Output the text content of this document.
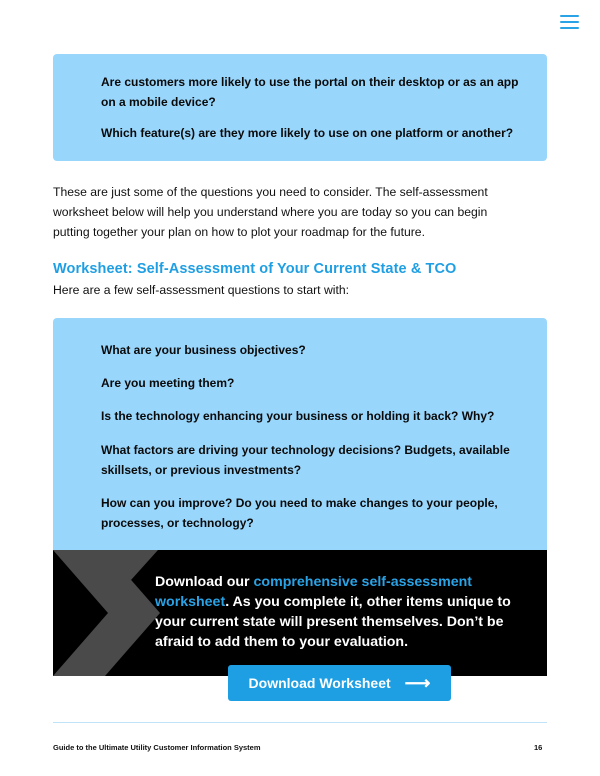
Are customers more likely to use the portal on their desktop or as an app on a mobile device?
Which feature(s) are they more likely to use on one platform or another?
These are just some of the questions you need to consider. The self-assessment worksheet below will help you understand where you are today so you can begin putting together your plan on how to plot your roadmap for the future.
Worksheet: Self-Assessment of Your Current State & TCO
Here are a few self-assessment questions to start with:
What are your business objectives?
Are you meeting them?
Is the technology enhancing your business or holding it back? Why?
What factors are driving your technology decisions? Budgets, available skillsets, or previous investments?
How can you improve? Do you need to make changes to your people, processes, or technology?
Download our comprehensive self-assessment worksheet. As you complete it, other items unique to your current state will present themselves. Don’t be afraid to add them to your evaluation.
Download Worksheet ⟶
Guide to the Ultimate Utility Customer Information System	16
